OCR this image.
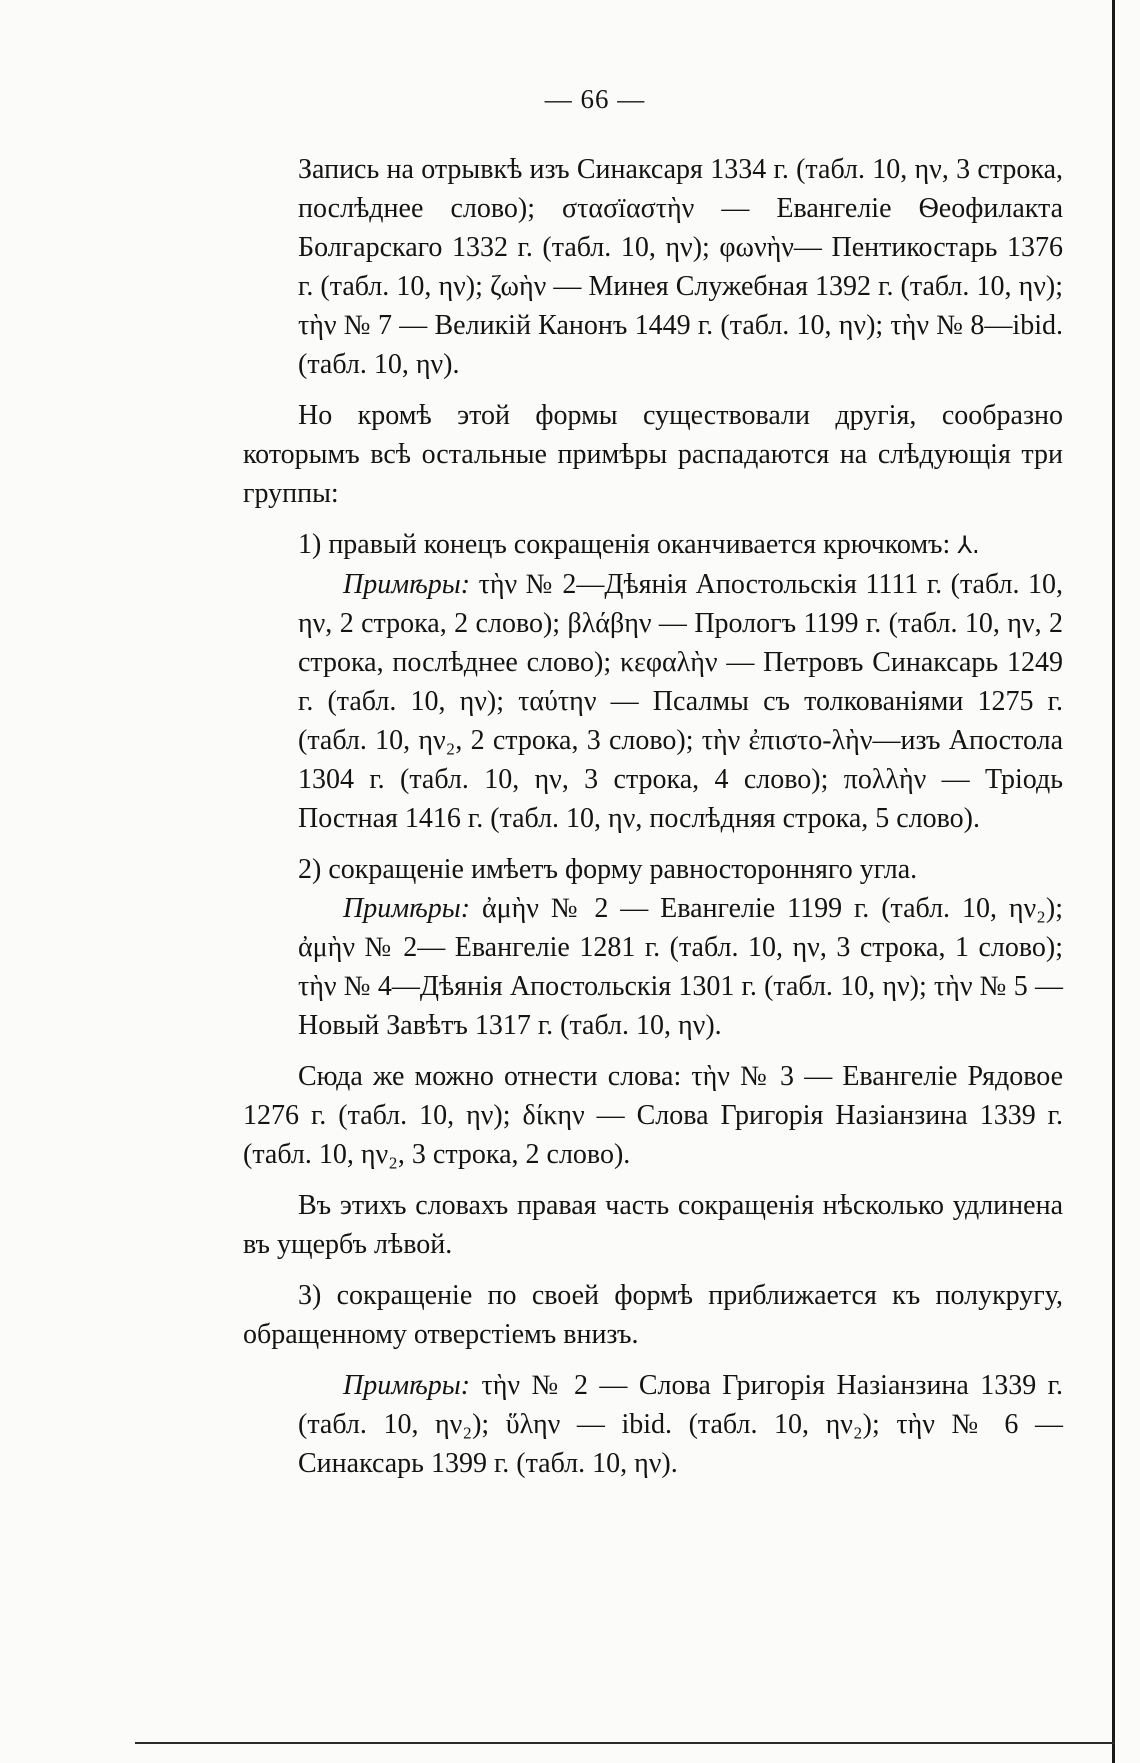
— 66 —

Запись на отрывкѣ изъ Синаксаря 1334 г. (табл. 10, ην, 3 строка, послѣднее слово); στασïαστὴν — Евангеліе Ѳеофилакта Болгарскаго 1332 г. (табл. 10, ην); φωνὴν— Пентикостарь 1376 г. (табл. 10, ην); ζωὴν — Минея Служебная 1392 г. (табл. 10, ην); τὴν № 7 — Великій Канонъ 1449 г. (табл. 10, ην); τὴν № 8—ibid. (табл. 10, ην).

Но кромѣ этой формы существовали другія, сообразно которымъ всѣ остальные примѣры распадаются на слѣдующія три группы:

1) правый конецъ сокращенія оканчивается крючкомъ: ⅄.

Примѣры: τὴν № 2—Дѣянія Апостольскія 1111 г. (табл. 10, ην, 2 строка, 2 слово); βλάβην — Прологъ 1199 г. (табл. 10, ην, 2 строка, послѣднее слово); κεφαλὴν — Петровъ Синаксарь 1249 г. (табл. 10, ην); ταύτην — Псалмы съ толкованіями 1275 г. (табл. 10, ην₂, 2 строка, 3 слово); τὴν ἐπιστο-λὴν—изъ Апостола 1304 г. (табл. 10, ην, 3 строка, 4 слово); πολλὴν — Тріодь Постная 1416 г. (табл. 10, ην, послѣдняя строка, 5 слово).

2) сокращеніе имѣетъ форму равносторонняго угла.

Примѣры: ἀμὴν № 2 — Евангеліе 1199 г. (табл. 10, ην₂); ἀμὴν № 2— Евангеліе 1281 г. (табл. 10, ην, 3 строка, 1 слово); τὴν № 4—Дѣянія Апостольскія 1301 г. (табл. 10, ην); τὴν № 5 — Новый Завѣтъ 1317 г. (табл. 10, ην).

Сюда же можно отнести слова: τὴν № 3 — Евангеліе Рядовое 1276 г. (табл. 10, ην); δίκην — Слова Григорія Назіанзина 1339 г. (табл. 10, ην₂, 3 строка, 2 слово).

Въ этихъ словахъ правая часть сокращенія нѣсколько удлинена въ ущербъ лѣвой.

3) сокращеніе по своей формѣ приближается къ полукругу, обращенному отверстіемъ внизъ.

Примѣры: τὴν № 2 — Слова Григорія Назіанзина 1339 г. (табл. 10, ην₂); ὕλην — ibid. (табл. 10, ην₂); τὴν № 6 — Синаксарь 1399 г. (табл. 10, ην).
